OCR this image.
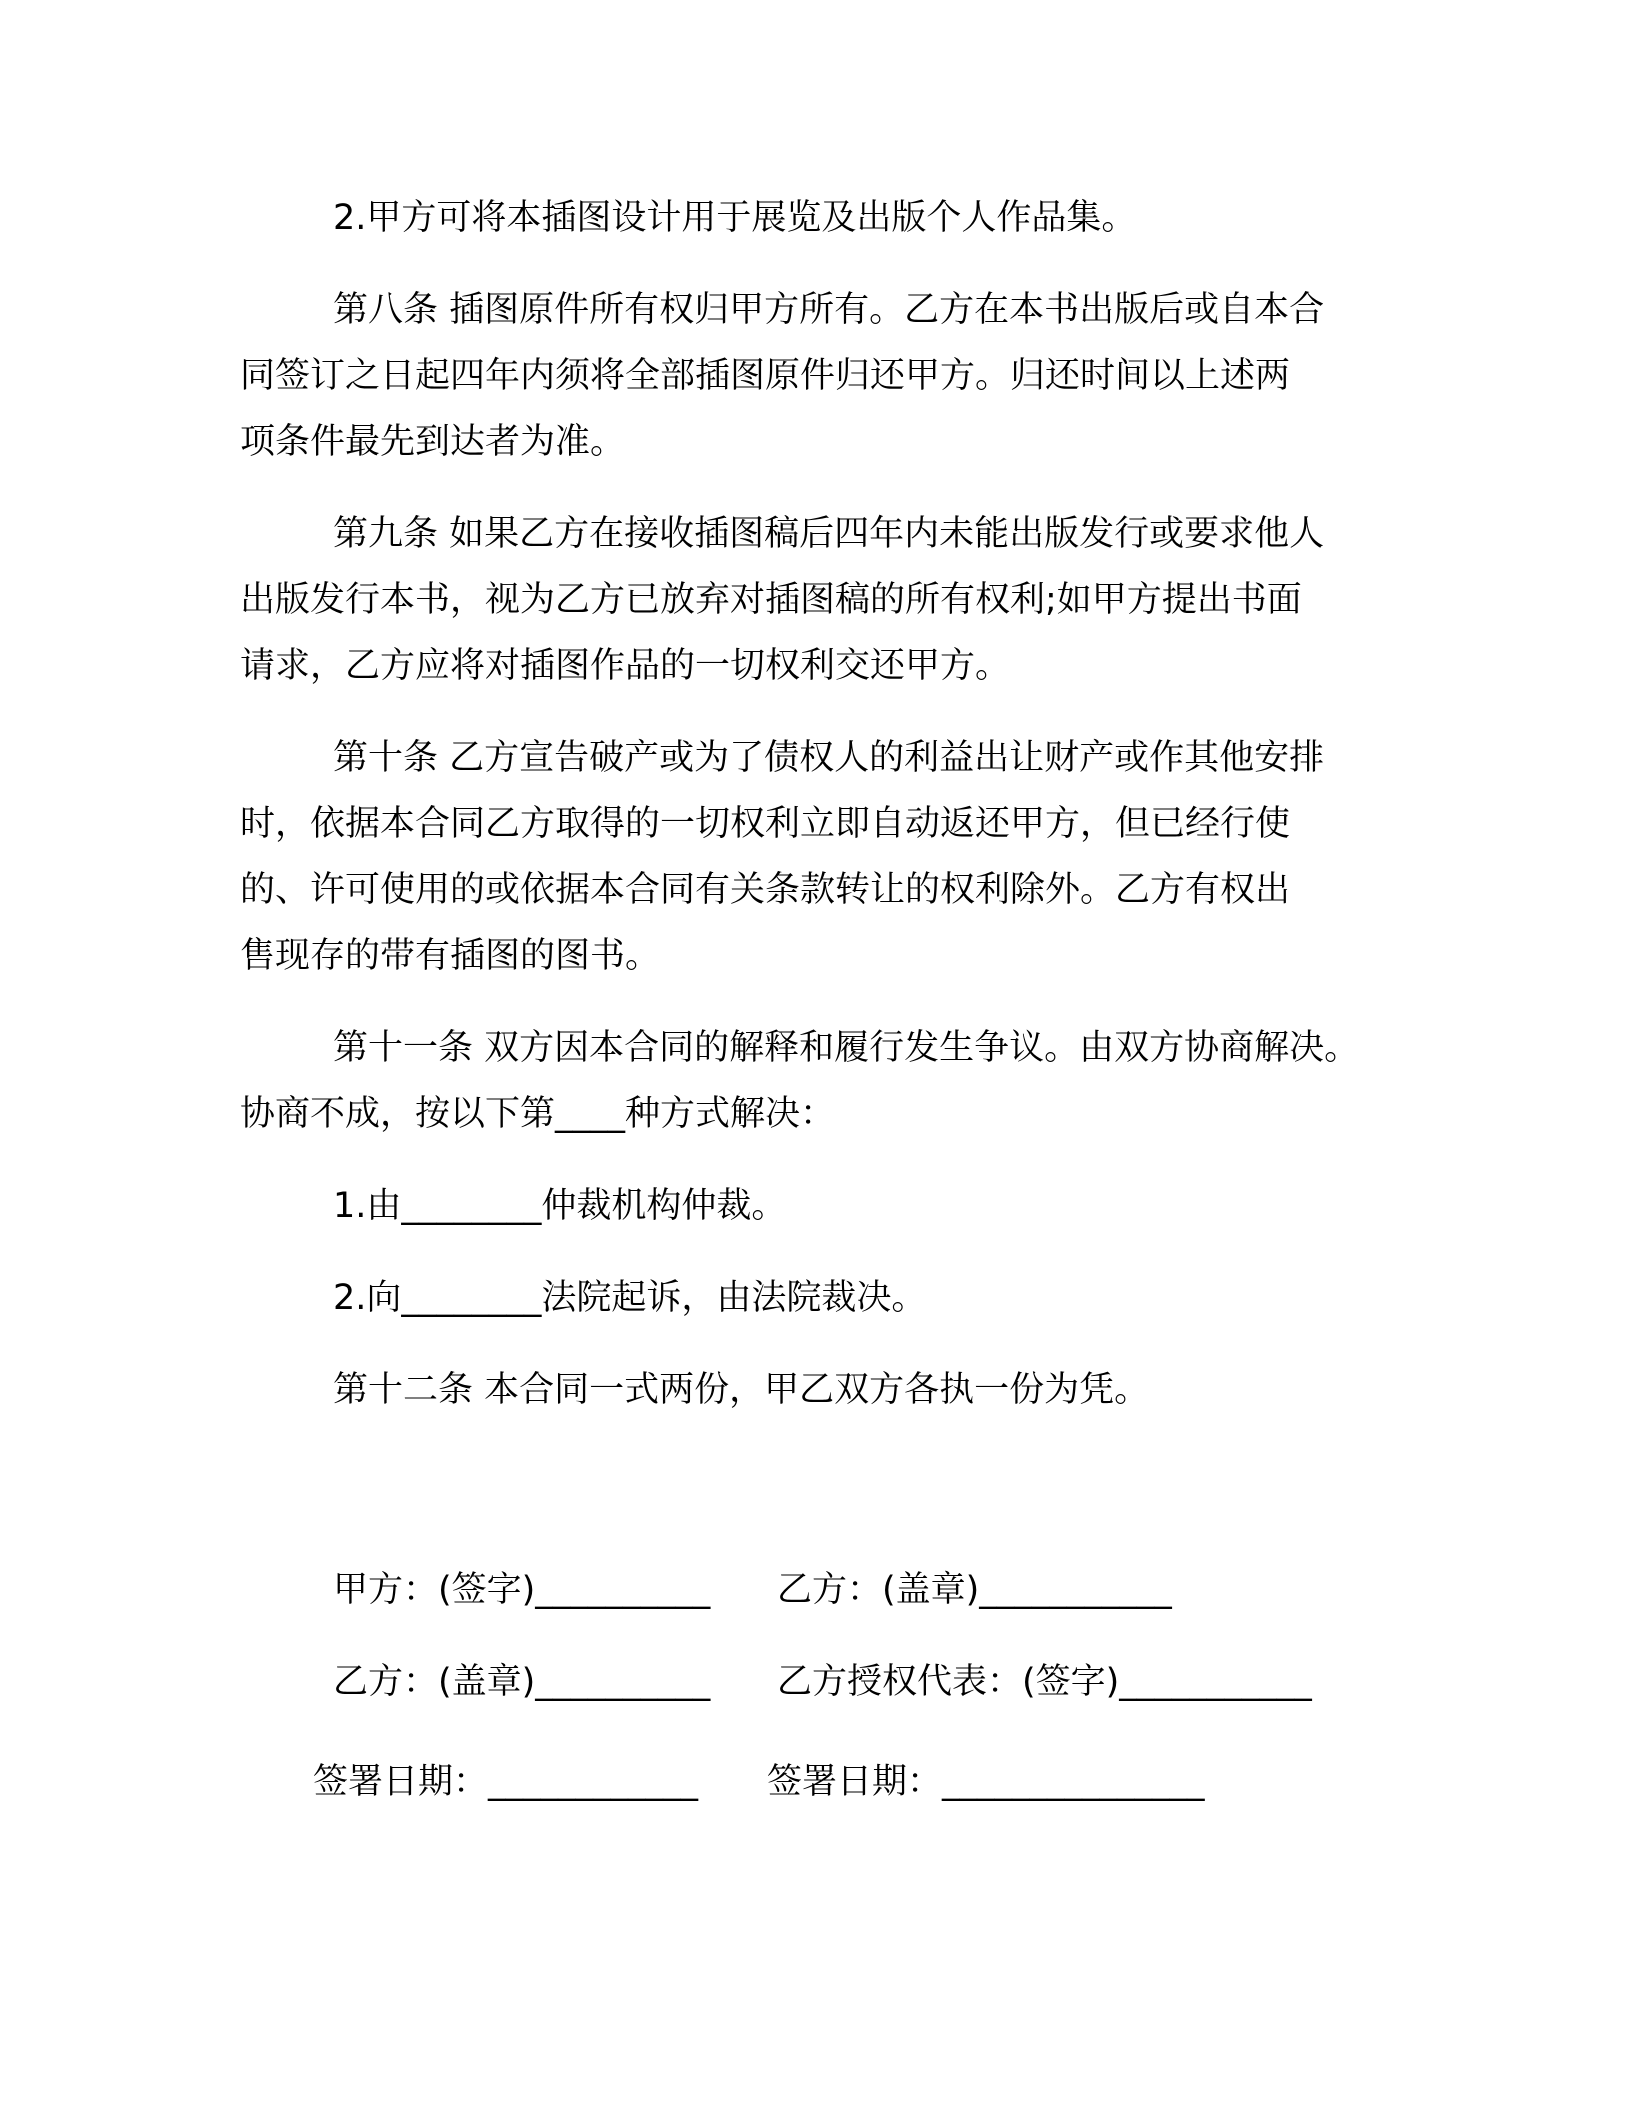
2.甲方可将本插图设计用于展览及出版个人作品集。
第八条 插图原件所有权归甲方所有。乙方在本书出版后或自本合
同签订之日起四年内须将全部插图原件归还甲方。归还时间以上述两
项条件最先到达者为准。
第九条 如果乙方在接收插图稿后四年内未能出版发行或要求他人
出版发行本书，视为乙方已放弃对插图稿的所有权利;如甲方提出书面
请求，乙方应将对插图作品的一切权利交还甲方。
第十条 乙方宣告破产或为了债权人的利益出让财产或作其他安排
时，依据本合同乙方取得的一切权利立即自动返还甲方，但已经行使
的、许可使用的或依据本合同有关条款转让的权利除外。乙方有权出
售现存的带有插图的图书。
第十一条 双方因本合同的解释和履行发生争议。由双方协商解决。
协商不成，按以下第____种方式解决：
1.由________仲裁机构仲裁。
2.向________法院起诉，由法院裁决。
第十二条 本合同一式两份，甲乙双方各执一份为凭。
甲方：(签字)__________ 乙方：(盖章)___________
乙方：(盖章)__________ 乙方授权代表：(签字)___________
签署日期：____________ 签署日期：_______________
